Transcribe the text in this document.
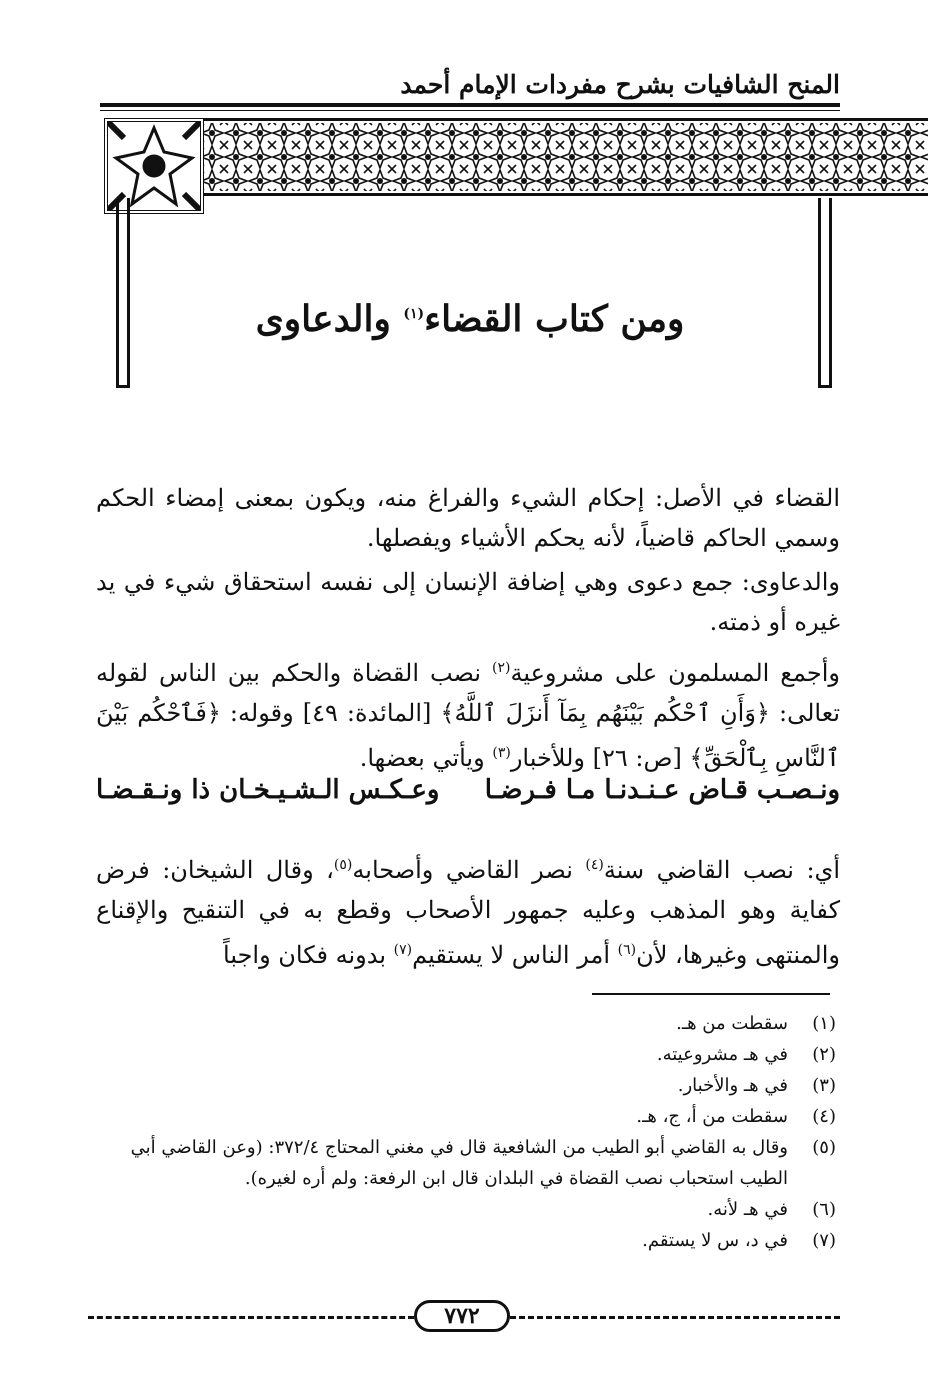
المنح الشافيات بشرح مفردات الإمام أحمد
ومن كتاب القضاء$^{(١)}$ والدعاوى
القضاء في الأصل: إحكام الشيء والفراغ منه، ويكون بمعنى إمضاء الحكم وسمي الحاكم قاضياً، لأنه يحكم الأشياء ويفصلها.
والدعاوى: جمع دعوى وهي إضافة الإنسان إلى نفسه استحقاق شيء في يد غيره أو ذمته.
وأجمع المسلمون على مشروعية$^{(٢)}$ نصب القضاة والحكم بين الناس لقوله تعالى: ﴿وَأَنِ ٱحْكُم بَيْنَهُم بِمَآ أَنزَلَ ٱللَّهُ﴾ [المائدة: ٤٩] وقوله: ﴿فَٱحْكُم بَيْنَ ٱلنَّاسِ بِٱلْحَقِّ﴾ [ص: ٢٦] وللأخبار$^{(٣)}$ ويأتي بعضها.
ونـصـب قـاض عـنـدنـا مـا فـرضـا
وعـكـس الـشـيـخـان ذا ونـقـضـا
أي: نصب القاضي سنة$^{(٤)}$ نصر القاضي وأصحابه$^{(٥)}$، وقال الشيخان: فرض كفاية وهو المذهب وعليه جمهور الأصحاب وقطع به في التنقيح والإقناع والمنتهى وغيرها، لأن$^{(٦)}$ أمر الناس لا يستقيم$^{(٧)}$ بدونه فكان واجباً
(١)
سقطت من هـ.
(٢)
في هـ مشروعيته.
(٣)
في هـ والأخبار.
(٤)
سقطت من أ، ج، هـ.
(٥)
وقال به القاضي أبو الطيب من الشافعية قال في مغني المحتاج ٣٧٢/٤: (وعن القاضي أبي الطيب استحباب نصب القضاة في البلدان قال ابن الرفعة: ولم أره لغيره).
(٦)
في هـ لأنه.
(٧)
في د، س لا يستقم.
٧٧٢
